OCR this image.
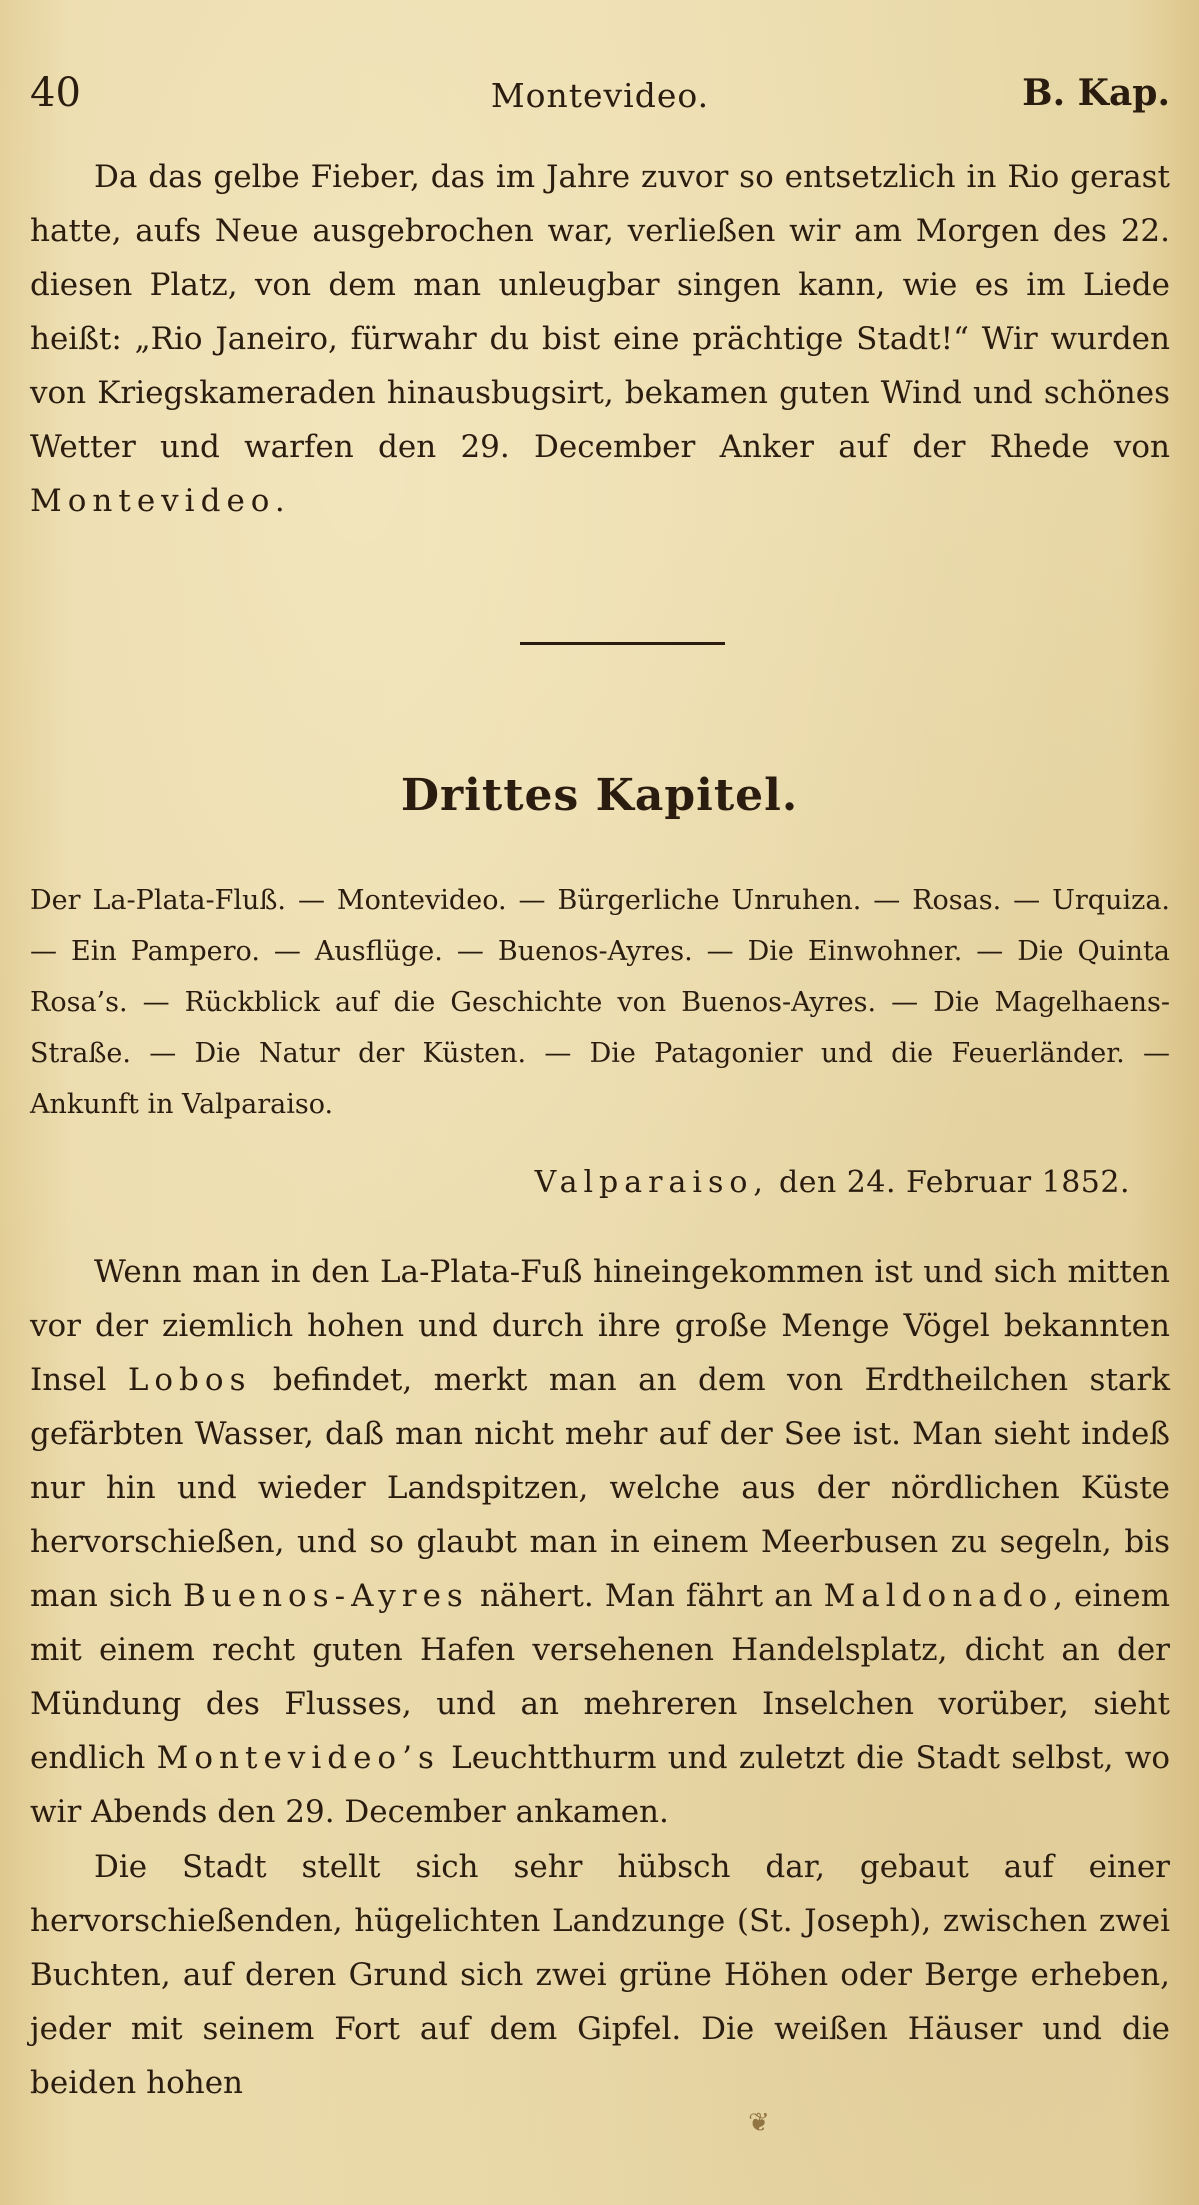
40	Montevideo.	B. Kap.

Da das gelbe Fieber, das im Jahre zuvor so entsetzlich in Rio gerast hatte, aufs Neue ausgebrochen war, verließen wir am Morgen des 22. diesen Platz, von dem man unleugbar singen kann, wie es im Liede heißt: „Rio Janeiro, fürwahr du bist eine prächtige Stadt!“ Wir wurden von Kriegskameraden hinausbugsirt, bekamen guten Wind und schönes Wetter und warfen den 29. December Anker auf der Rhede von Montevideo.

Drittes Kapitel.

Der La-Plata-Fluß. — Montevideo. — Bürgerliche Unruhen. — Rosas. — Urquiza. — Ein Pampero. — Ausflüge. — Buenos-Ayres. — Die Einwohner. — Die Quinta Rosa’s. — Rückblick auf die Geschichte von Buenos-Ayres. — Die Magelhaens-Straße. — Die Natur der Küsten. — Die Patagonier und die Feuerländer. — Ankunft in Valparaiso.

Valparaiso, den 24. Februar 1852.

Wenn man in den La-Plata-Fuß hineingekommen ist und sich mitten vor der ziemlich hohen und durch ihre große Menge Vögel bekannten Insel Lobos befindet, merkt man an dem von Erdtheilchen stark gefärbten Wasser, daß man nicht mehr auf der See ist. Man sieht indeß nur hin und wieder Landspitzen, welche aus der nördlichen Küste hervorschießen, und so glaubt man in einem Meerbusen zu segeln, bis man sich Buenos-Ayres nähert. Man fährt an Maldonado, einem mit einem recht guten Hafen versehenen Handelsplatz, dicht an der Mündung des Flusses, und an mehreren Inselchen vorüber, sieht endlich Montevideo’s Leuchtthurm und zuletzt die Stadt selbst, wo wir Abends den 29. December ankamen.

Die Stadt stellt sich sehr hübsch dar, gebaut auf einer hervorschießenden, hügelichten Landzunge (St. Joseph), zwischen zwei Buchten, auf deren Grund sich zwei grüne Höhen oder Berge erheben, jeder mit seinem Fort auf dem Gipfel. Die weißen Häuser und die beiden hohen

❦
